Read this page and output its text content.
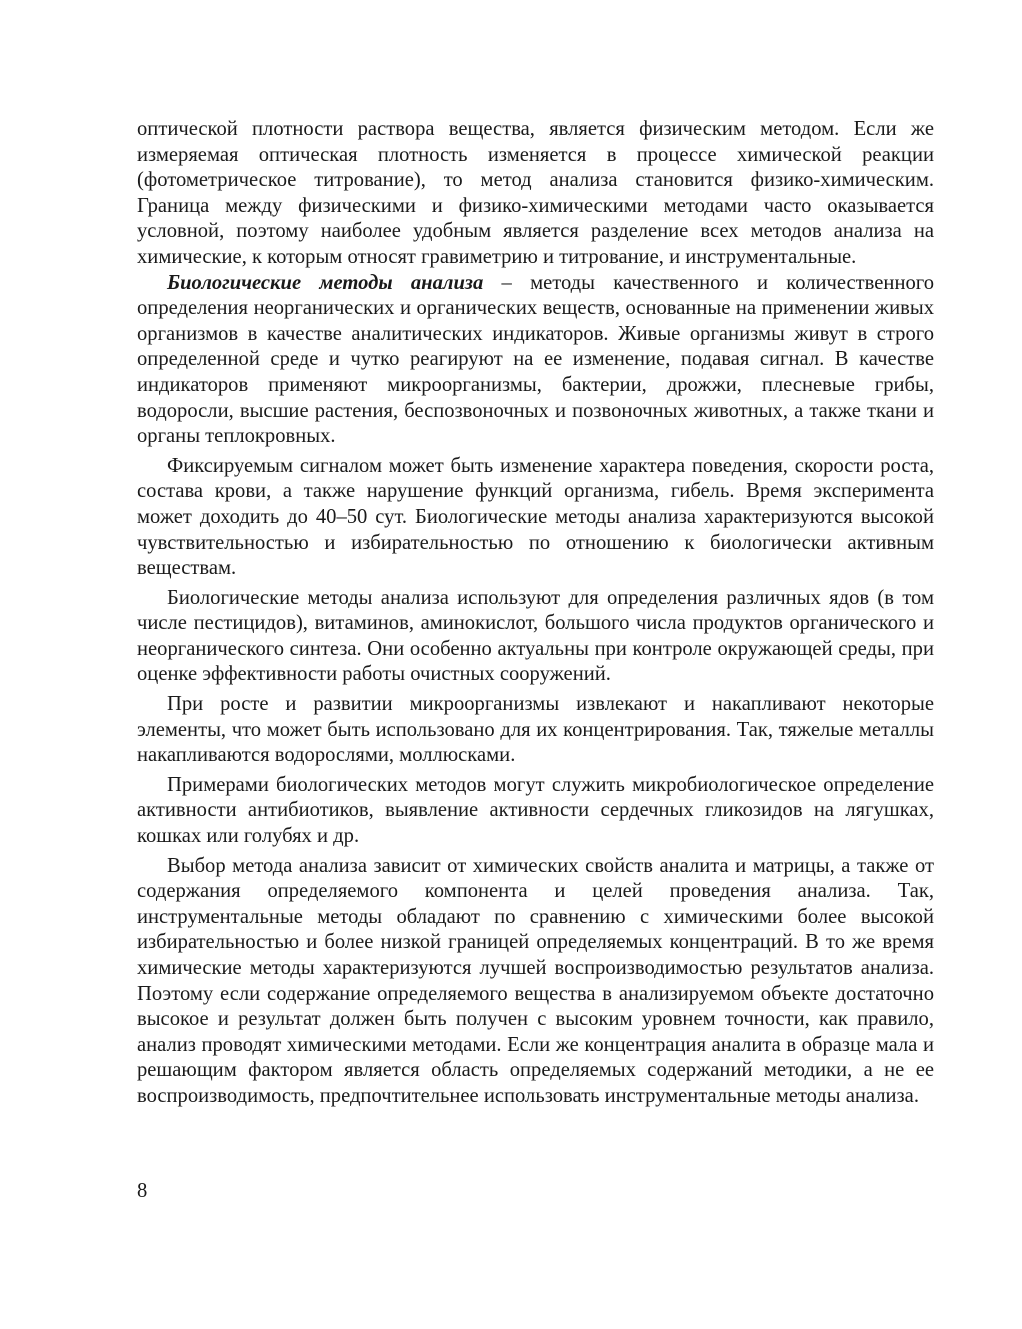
оптической плотности раствора вещества, является физическим методом. Если же измеряемая оптическая плотность изменяется в процессе химической реакции (фотометрическое титрование), то метод анализа становится физико-химическим. Граница между физическими и физико-химическими методами часто оказывается условной, поэтому наиболее удобным является разделение всех методов анализа на химические, к которым относят гравиметрию и титрование, и инструментальные.

Биологические методы анализа – методы качественного и количественного определения неорганических и органических веществ, основанные на применении живых организмов в качестве аналитических индикаторов. Живые организмы живут в строго определенной среде и чутко реагируют на ее изменение, подавая сигнал. В качестве индикаторов применяют микроорганизмы, бактерии, дрожжи, плесневые грибы, водоросли, высшие растения, беспозвоночных и позвоночных животных, а также ткани и органы теплокровных.

Фиксируемым сигналом может быть изменение характера поведения, скорости роста, состава крови, а также нарушение функций организма, гибель. Время эксперимента может доходить до 40–50 сут. Биологические методы анализа характеризуются высокой чувствительностью и избирательностью по отношению к биологически активным веществам.

Биологические методы анализа используют для определения различных ядов (в том числе пестицидов), витаминов, аминокислот, большого числа продуктов органического и неорганического синтеза. Они особенно актуальны при контроле окружающей среды, при оценке эффективности работы очистных сооружений.

При росте и развитии микроорганизмы извлекают и накапливают некоторые элементы, что может быть использовано для их концентрирования. Так, тяжелые металлы накапливаются водорослями, моллюсками.

Примерами биологических методов могут служить микробиологическое определение активности антибиотиков, выявление активности сердечных гликозидов на лягушках, кошках или голубях и др.

Выбор метода анализа зависит от химических свойств аналита и матрицы, а также от содержания определяемого компонента и целей проведения анализа. Так, инструментальные методы обладают по сравнению с химическими более высокой избирательностью и более низкой границей определяемых концентраций. В то же время химические методы характеризуются лучшей воспроизводимостью результатов анализа. Поэтому если содержание определяемого вещества в анализируемом объекте достаточно высокое и результат должен быть получен с высоким уровнем точности, как правило, анализ проводят химическими методами. Если же концентрация аналита в образце мала и решающим фактором является область определяемых содержаний методики, а не ее воспроизводимость, предпочтительнее использовать инструментальные методы анализа.

8
